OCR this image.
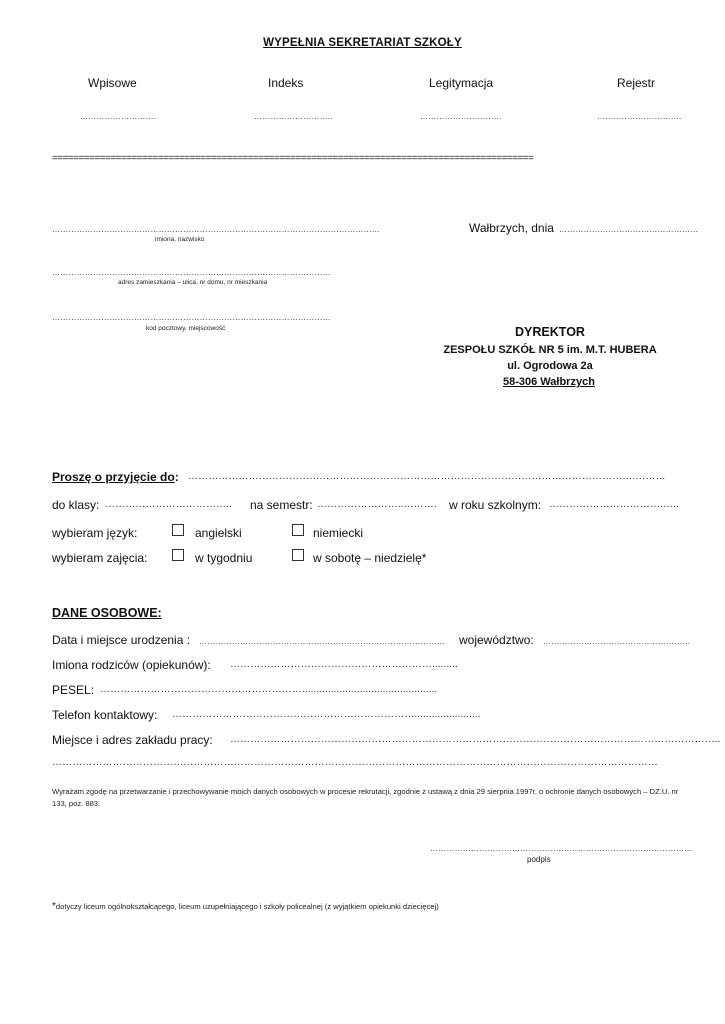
WYPEŁNIA SEKRETARIAT SZKOŁY
Wpisowe	Indeks	Legitymacja	Rejestr
……………………….	………………………..	…………………………	………………………….
===========================================================================================
…………………………………………………………………………………………………………
imiona, nazwisko
Wałbrzych, dnia ……………………………………………
…………………………………………………………………………………………
adres zamieszkania – ulica, nr domu, nr mieszkania
…………………………………………………………………………………………
kod pocztowy, miejscowość	DYREKTOR
ZESPOŁU SZKÓŁ NR 5 im. M.T. HUBERA
ul. Ogrodowa 2a
58-306 Wałbrzych
Proszę o przyjęcie do: …………………………………………………………………………………………………………………….………
do klasy: ……………………………….. na semestr: ……………………..………. w roku szkolnym: …………………………….…..
wybieram język:	angielski	niemiecki
wybieram zajęcia:	w tygodniu	w sobotę – niedzielę*
DANE OSOBOWE:
Data i miejsce urodzenia : ……………………………………………………………………………… województwo: ………………………………………………
Imiona rodziców (opiekunów): …………………………………………………….........
PESEL: ……………………………………………………...............................................
Telefon kontaktowy: ……………………………………………………………….......................
Miejsce i adres zakładu pracy: ………………………………………………………………………………………………………………………………..
………………………………………………………………………………………………………………………………………………………………
Wyrażam zgodę na przetwarzanie i przechowywanie moich danych osobowych w procesie rekrutacji, zgodnie z ustawą z dnia 29 sierpnia 1997r. o ochronie danych osobowych – DZ.U. nr 133, poz. 883.
……………………………………………………………………………………
podpis
*dotyczy liceum ogólnokształcącego, liceum uzupełniającego i szkoły policealnej (z wyjątkiem opiekunki dziecięcej)
